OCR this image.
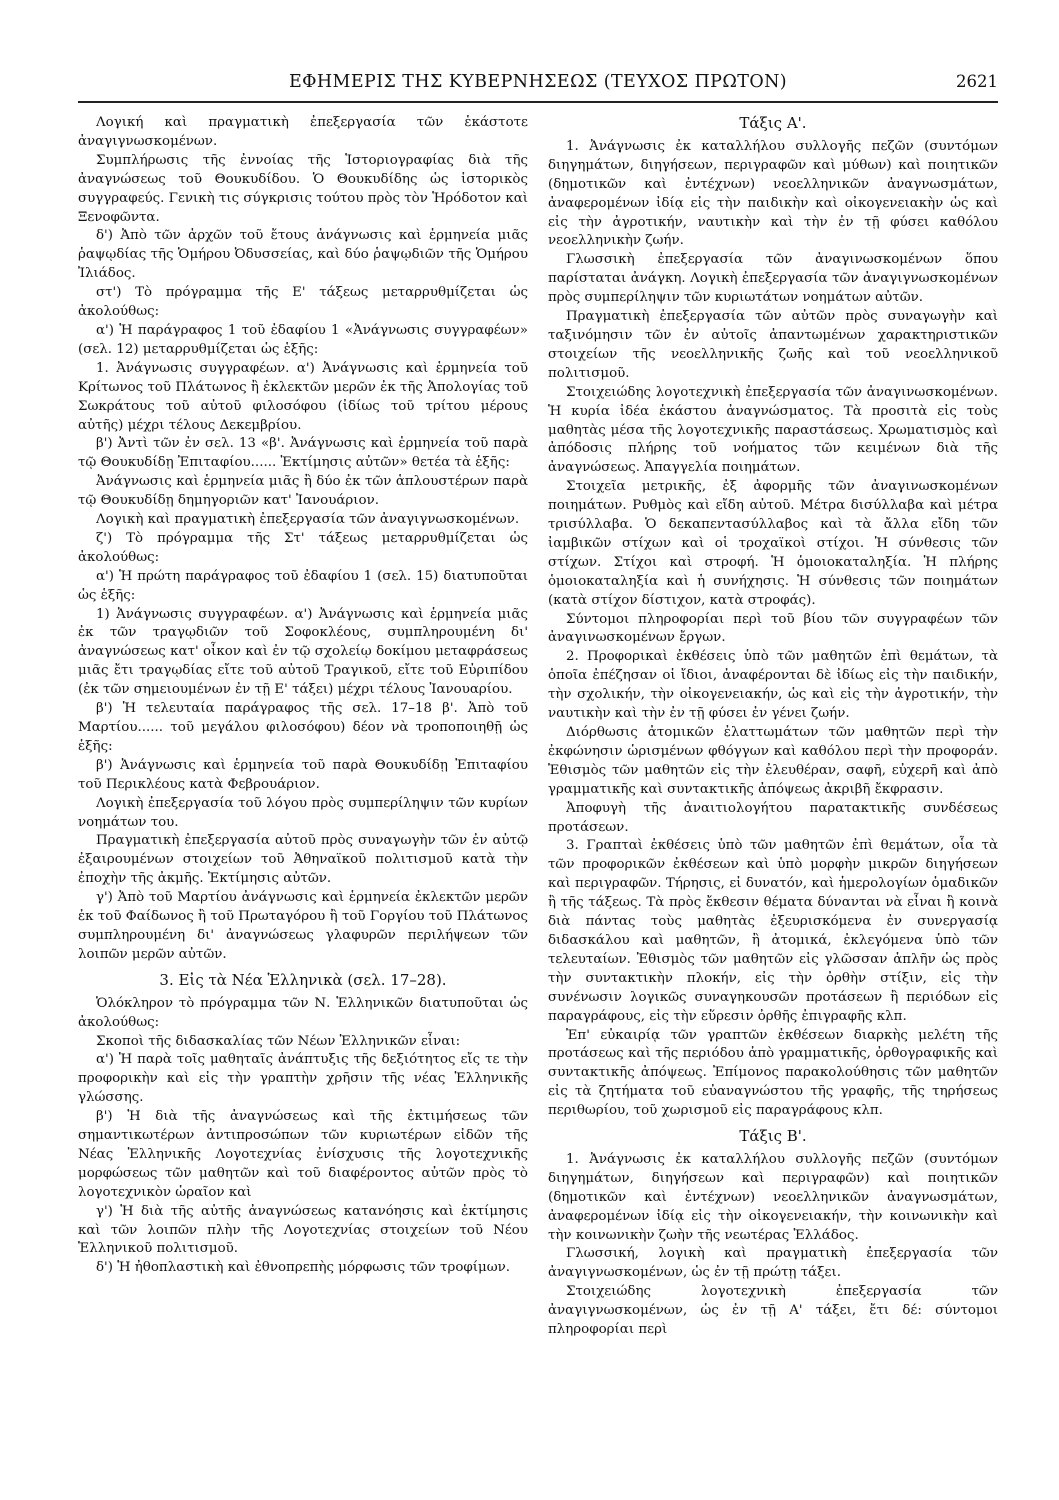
ΕΦΗΜΕΡΙΣ ΤΗΣ ΚΥΒΕΡΝΗΣΕΩΣ (ΤΕΥΧΟΣ ΠΡΩΤΟΝ)	2621

Λογική καὶ πραγματικὴ ἐπεξεργασία τῶν ἑκάστοτε ἀναγιγνωσκομένων.

Συμπλήρωσις τῆς ἐννοίας τῆς Ἱστοριογραφίας διὰ τῆς ἀναγνώσεως τοῦ Θουκυδίδου. Ὁ Θουκυδίδης ὡς ἱστορικὸς συγγραφεύς. Γενικὴ τις σύγκρισις τούτου πρὸς τὸν Ἡρόδοτον καὶ Ξενοφῶντα.

δ') Ἀπὸ τῶν ἀρχῶν τοῦ ἔτους ἀνάγνωσις καὶ ἑρμηνεία μιᾶς ῥαψῳδίας τῆς Ὁμήρου Ὀδυσσείας, καὶ δύο ῥαψῳδιῶν τῆς Ὁμήρου Ἰλιάδος.

στ') Τὸ πρόγραμμα τῆς Ε' τάξεως μεταρρυθμίζεται ὡς ἀκολούθως:

α') Ἡ παράγραφος 1 τοῦ ἐδαφίου 1 «Ἀνάγνωσις συγγραφέων» (σελ. 12) μεταρρυθμίζεται ὡς ἑξῆς:

1. Ἀνάγνωσις συγγραφέων. α') Ἀνάγνωσις καὶ ἑρμηνεία τοῦ Κρίτωνος τοῦ Πλάτωνος ἢ ἐκλεκτῶν μερῶν ἐκ τῆς Ἀπολογίας τοῦ Σωκράτους τοῦ αὐτοῦ φιλοσόφου (ἰδίως τοῦ τρίτου μέρους αὐτῆς) μέχρι τέλους Δεκεμβρίου.

β') Ἀντὶ τῶν ἐν σελ. 13 «β'. Ἀνάγνωσις καὶ ἑρμηνεία τοῦ παρὰ τῷ Θουκυδίδῃ Ἐπιταφίου...... Ἐκτίμησις αὐτῶν» θετέα τὰ ἑξῆς:

Ἀνάγνωσις καὶ ἑρμηνεία μιᾶς ἢ δύο ἐκ τῶν ἁπλουστέρων παρὰ τῷ Θουκυδίδῃ δημηγοριῶν κατ' Ἰανουάριον.

Λογικὴ καὶ πραγματικὴ ἐπεξεργασία τῶν ἀναγιγνωσκομένων.

ζ') Τὸ πρόγραμμα τῆς Στ' τάξεως μεταρρυθμίζεται ὡς ἀκολούθως:

α') Ἡ πρώτη παράγραφος τοῦ ἐδαφίου 1 (σελ. 15) διατυποῦται ὡς ἑξῆς:

1) Ἀνάγνωσις συγγραφέων. α') Ἀνάγνωσις καὶ ἑρμηνεία μιᾶς ἐκ τῶν τραγῳδιῶν τοῦ Σοφοκλέους, συμπληρουμένη δι' ἀναγνώσεως κατ' οἶκον καὶ ἐν τῷ σχολείῳ δοκίμου μεταφράσεως μιᾶς ἔτι τραγῳδίας εἴτε τοῦ αὐτοῦ Τραγικοῦ, εἴτε τοῦ Εὐριπίδου (ἐκ τῶν σημειουμένων ἐν τῇ Ε' τάξει) μέχρι τέλους Ἰανουαρίου.

β') Ἡ τελευταία παράγραφος τῆς σελ. 17–18 β'. Ἀπὸ τοῦ Μαρτίου...... τοῦ μεγάλου φιλοσόφου) δέον νὰ τροποποιηθῇ ὡς ἑξῆς:

β') Ἀνάγνωσις καὶ ἑρμηνεία τοῦ παρὰ Θουκυδίδῃ Ἐπιταφίου τοῦ Περικλέους κατὰ Φεβρουάριον.

Λογικὴ ἐπεξεργασία τοῦ λόγου πρὸς συμπερίληψιν τῶν κυρίων νοημάτων του.

Πραγματικὴ ἐπεξεργασία αὐτοῦ πρὸς συναγωγὴν τῶν ἐν αὐτῷ ἐξαιρουμένων στοιχείων τοῦ Ἀθηναϊκοῦ πολιτισμοῦ κατὰ τὴν ἐποχὴν τῆς ἀκμῆς. Ἐκτίμησις αὐτῶν.

γ') Ἀπὸ τοῦ Μαρτίου ἀνάγνωσις καὶ ἑρμηνεία ἐκλεκτῶν μερῶν ἐκ τοῦ Φαίδωνος ἢ τοῦ Πρωταγόρου ἢ τοῦ Γοργίου τοῦ Πλάτωνος συμπληρουμένη δι' ἀναγνώσεως γλαφυρῶν περιλήψεων τῶν λοιπῶν μερῶν αὐτῶν.

3. Εἰς τὰ Νέα Ἑλληνικὰ (σελ. 17–28).

Ὁλόκληρον τὸ πρόγραμμα τῶν Ν. Ἑλληνικῶν διατυποῦται ὡς ἀκολούθως:

Σκοποὶ τῆς διδασκαλίας τῶν Νέων Ἑλληνικῶν εἶναι:

α') Ἡ παρὰ τοῖς μαθηταῖς ἀνάπτυξις τῆς δεξιότητος εἴς τε τὴν προφορικὴν καὶ εἰς τὴν γραπτὴν χρῆσιν τῆς νέας Ἑλληνικῆς γλώσσης.

β') Ἡ διὰ τῆς ἀναγνώσεως καὶ τῆς ἐκτιμήσεως τῶν σημαντικωτέρων ἀντιπροσώπων τῶν κυριωτέρων εἰδῶν τῆς Νέας Ἑλληνικῆς Λογοτεχνίας ἐνίσχυσις τῆς λογοτεχνικῆς μορφώσεως τῶν μαθητῶν καὶ τοῦ διαφέροντος αὐτῶν πρὸς τὸ λογοτεχνικὸν ὡραῖον καὶ

γ') Ἡ διὰ τῆς αὐτῆς ἀναγνώσεως κατανόησις καὶ ἐκτίμησις καὶ τῶν λοιπῶν πλὴν τῆς Λογοτεχνίας στοιχείων τοῦ Νέου Ἑλληνικοῦ πολιτισμοῦ.

δ') Ἡ ἠθοπλαστικὴ καὶ ἐθνοπρεπὴς μόρφωσις τῶν τροφίμων.

Τάξις Α'.

1. Ἀνάγνωσις ἐκ καταλλήλου συλλογῆς πεζῶν (συντόμων διηγημάτων, διηγήσεων, περιγραφῶν καὶ μύθων) καὶ ποιητικῶν (δημοτικῶν καὶ ἐντέχνων) νεοελληνικῶν ἀναγνωσμάτων, ἀναφερομένων ἰδίᾳ εἰς τὴν παιδικὴν καὶ οἰκογενειακὴν ὡς καὶ εἰς τὴν ἀγροτικήν, ναυτικὴν καὶ τὴν ἐν τῇ φύσει καθόλου νεοελληνικὴν ζωήν.

Γλωσσικὴ ἐπεξεργασία τῶν ἀναγινωσκομένων ὅπου παρίσταται ἀνάγκη. Λογικὴ ἐπεξεργασία τῶν ἀναγιγνωσκομένων πρὸς συμπερίληψιν τῶν κυριωτάτων νοημάτων αὐτῶν.

Πραγματικὴ ἐπεξεργασία τῶν αὐτῶν πρὸς συναγωγὴν καὶ ταξινόμησιν τῶν ἐν αὐτοῖς ἀπαντωμένων χαρακτηριστικῶν στοιχείων τῆς νεοελληνικῆς ζωῆς καὶ τοῦ νεοελληνικοῦ πολιτισμοῦ.

Στοιχειώδης λογοτεχνικὴ ἐπεξεργασία τῶν ἀναγινωσκομένων. Ἡ κυρία ἰδέα ἑκάστου ἀναγνώσματος. Τὰ προσιτὰ εἰς τοὺς μαθητὰς μέσα τῆς λογοτεχνικῆς παραστάσεως. Χρωματισμὸς καὶ ἀπόδοσις πλήρης τοῦ νοήματος τῶν κειμένων διὰ τῆς ἀναγνώσεως. Ἀπαγγελία ποιημάτων.

Στοιχεῖα μετρικῆς, ἐξ ἀφορμῆς τῶν ἀναγινωσκομένων ποιημάτων. Ρυθμὸς καὶ εἴδη αὐτοῦ. Μέτρα δισύλλαβα καὶ μέτρα τρισύλλαβα. Ὁ δεκαπεντασύλλαβος καὶ τὰ ἄλλα εἴδη τῶν ἰαμβικῶν στίχων καὶ οἱ τροχαϊκοὶ στίχοι. Ἡ σύνθεσις τῶν στίχων. Στίχοι καὶ στροφή. Ἡ ὁμοιοκαταληξία. Ἡ πλήρης ὁμοιοκαταληξία καὶ ἡ συνήχησις. Ἡ σύνθεσις τῶν ποιημάτων (κατὰ στίχον δίστιχον, κατὰ στροφάς).

Σύντομοι πληροφορίαι περὶ τοῦ βίου τῶν συγγραφέων τῶν ἀναγινωσκομένων ἔργων.

2. Προφορικαὶ ἐκθέσεις ὑπὸ τῶν μαθητῶν ἐπὶ θεμάτων, τὰ ὁποῖα ἐπέζησαν οἱ ἴδιοι, ἀναφέρονται δὲ ἰδίως εἰς τὴν παιδικήν, τὴν σχολικήν, τὴν οἰκογενειακήν, ὡς καὶ εἰς τὴν ἀγροτικήν, τὴν ναυτικὴν καὶ τὴν ἐν τῇ φύσει ἐν γένει ζωήν.

Διόρθωσις ἀτομικῶν ἐλαττωμάτων τῶν μαθητῶν περὶ τὴν ἐκφώνησιν ὡρισμένων φθόγγων καὶ καθόλου περὶ τὴν προφοράν. Ἐθισμὸς τῶν μαθητῶν εἰς τὴν ἐλευθέραν, σαφῆ, εὐχερῆ καὶ ἀπὸ γραμματικῆς καὶ συντακτικῆς ἀπόψεως ἀκριβῆ ἔκφρασιν.

Ἀποφυγὴ τῆς ἀναιτιολογήτου παρατακτικῆς συνδέσεως προτάσεων.

3. Γραπταὶ ἐκθέσεις ὑπὸ τῶν μαθητῶν ἐπὶ θεμάτων, οἷα τὰ τῶν προφορικῶν ἐκθέσεων καὶ ὑπὸ μορφὴν μικρῶν διηγήσεων καὶ περιγραφῶν. Τήρησις, εἰ δυνατόν, καὶ ἡμερολογίων ὁμαδικῶν ἢ τῆς τάξεως. Τὰ πρὸς ἔκθεσιν θέματα δύνανται νὰ εἶναι ἢ κοινὰ διὰ πάντας τοὺς μαθητὰς ἐξευρισκόμενα ἐν συνεργασίᾳ διδασκάλου καὶ μαθητῶν, ἢ ἀτομικά, ἐκλεγόμενα ὑπὸ τῶν τελευταίων. Ἐθισμὸς τῶν μαθητῶν εἰς γλῶσσαν ἁπλῆν ὡς πρὸς τὴν συντακτικὴν πλοκήν, εἰς τὴν ὀρθὴν στίξιν, εἰς τὴν συνένωσιν λογικῶς συναγηκουσῶν προτάσεων ἢ περιόδων εἰς παραγράφους, εἰς τὴν εὕρεσιν ὀρθῆς ἐπιγραφῆς κλπ.

Ἐπ' εὐκαιρίᾳ τῶν γραπτῶν ἐκθέσεων διαρκὴς μελέτη τῆς προτάσεως καὶ τῆς περιόδου ἀπὸ γραμματικῆς, ὀρθογραφικῆς καὶ συντακτικῆς ἀπόψεως. Ἐπίμονος παρακολούθησις τῶν μαθητῶν εἰς τὰ ζητήματα τοῦ εὐαναγνώστου τῆς γραφῆς, τῆς τηρήσεως περιθωρίου, τοῦ χωρισμοῦ εἰς παραγράφους κλπ.

Τάξις Β'.

1. Ἀνάγνωσις ἐκ καταλλήλου συλλογῆς πεζῶν (συντόμων διηγημάτων, διηγήσεων καὶ περιγραφῶν) καὶ ποιητικῶν (δημοτικῶν καὶ ἐντέχνων) νεοελληνικῶν ἀναγνωσμάτων, ἀναφερομένων ἰδίᾳ εἰς τὴν οἰκογενειακήν, τὴν κοινωνικὴν καὶ τὴν κοινωνικὴν ζωὴν τῆς νεωτέρας Ἑλλάδος.

Γλωσσική, λογικὴ καὶ πραγματικὴ ἐπεξεργασία τῶν ἀναγιγνωσκομένων, ὡς ἐν τῇ πρώτῃ τάξει.

Στοιχειώδης λογοτεχνικὴ ἐπεξεργασία τῶν ἀναγιγνωσκομένων, ὡς ἐν τῇ Α' τάξει, ἔτι δέ: σύντομοι πληροφορίαι περὶ
